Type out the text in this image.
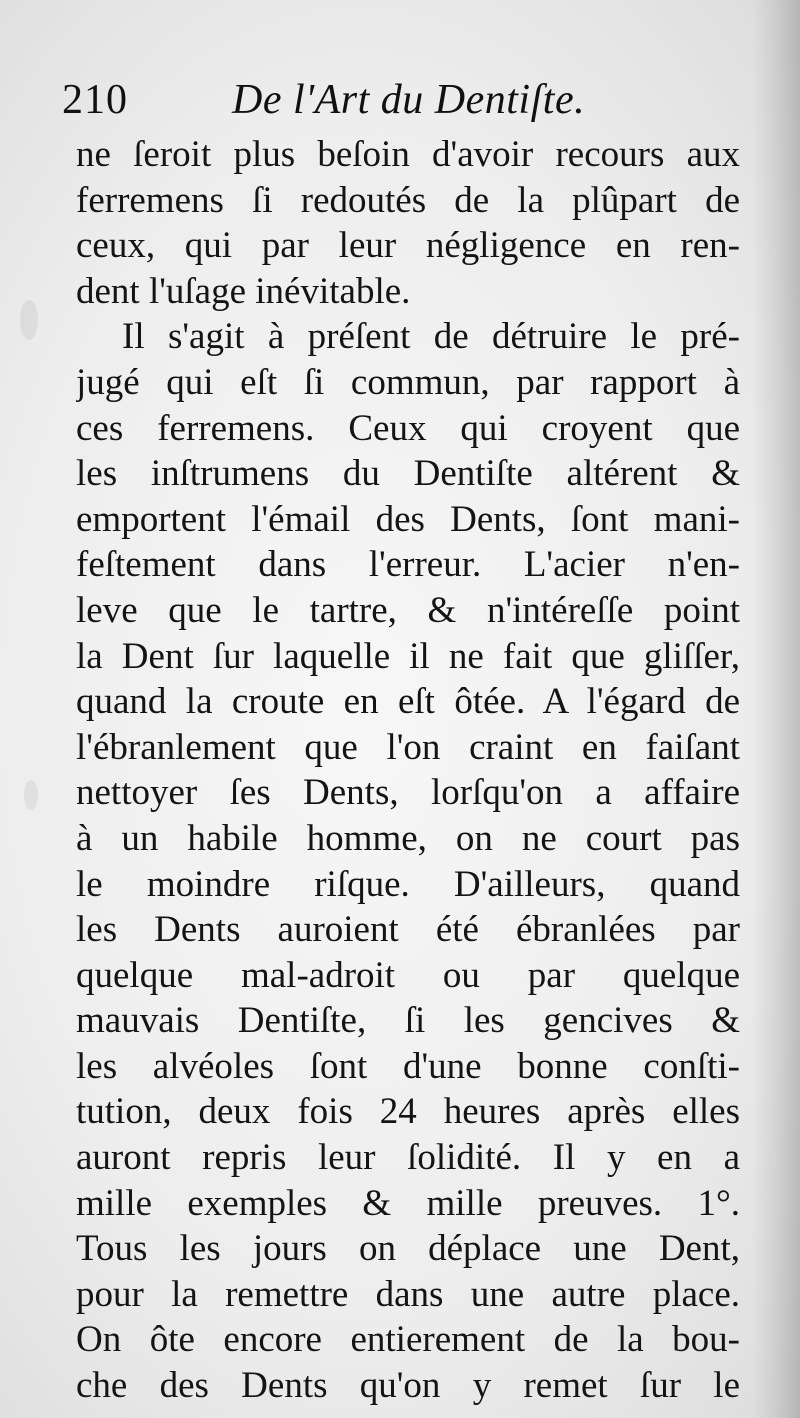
210 De l'Art du Dentiſte.
ne ſeroit plus beſoin d'avoir recours aux
ferremens ſi redoutés de la plûpart de
ceux, qui par leur négligence en ren-
dent l'uſage inévitable.
Il s'agit à préſent de détruire le pré-
jugé qui eſt ſi commun, par rapport à
ces ferremens. Ceux qui croyent que
les inſtrumens du Dentiſte altérent &
emportent l'émail des Dents, ſont mani-
feſtement dans l'erreur. L'acier n'en-
leve que le tartre, & n'intéreſſe point
la Dent ſur laquelle il ne fait que gliſſer,
quand la croute en eſt ôtée. A l'égard de
l'ébranlement que l'on craint en faiſant
nettoyer ſes Dents, lorſqu'on a affaire
à un habile homme, on ne court pas
le moindre riſque. D'ailleurs, quand
les Dents auroient été ébranlées par
quelque mal-adroit ou par quelque
mauvais Dentiſte, ſi les gencives &
les alvéoles ſont d'une bonne conſti-
tution, deux fois 24 heures après elles
auront repris leur ſolidité. Il y en a
mille exemples & mille preuves. 1°.
Tous les jours on déplace une Dent,
pour la remettre dans une autre place.
On ôte encore entierement de la bou-
che des Dents qu'on y remet ſur le
